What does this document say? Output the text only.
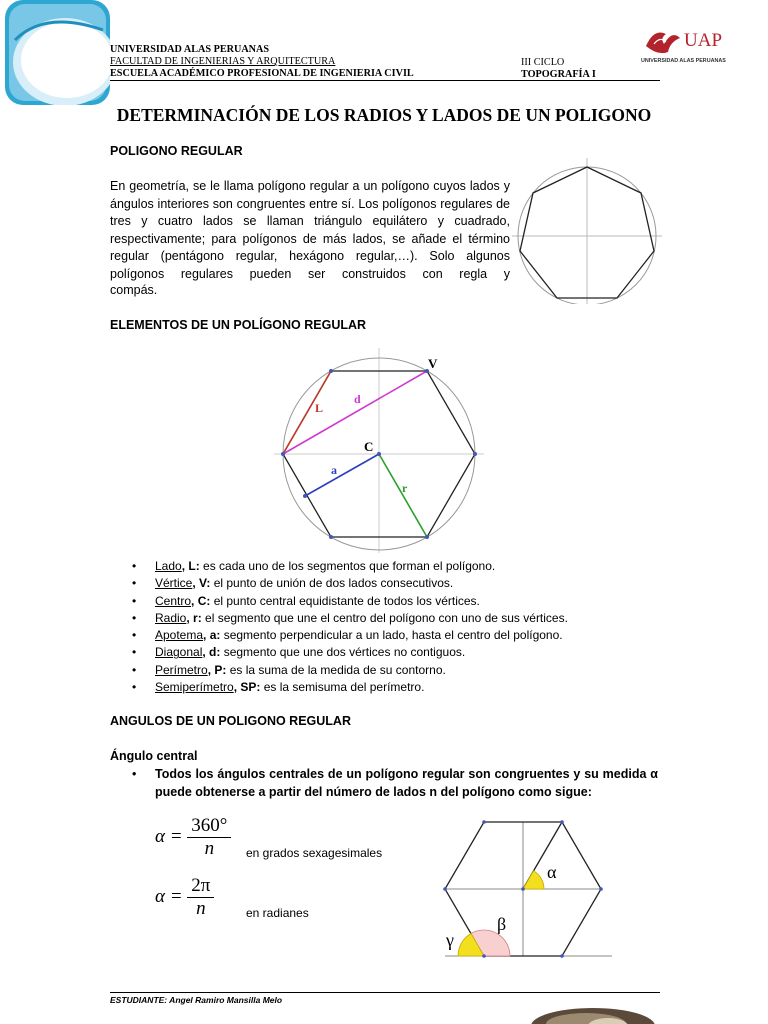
UNIVERSIDAD ALAS PERUANAS
FACULTAD DE INGENIERIAS Y ARQUITECTURA
ESCUELA ACADÉMICO PROFESIONAL DE INGENIERIA CIVIL
III CICLO
TOPOGRAFÍA I
UAP
UNIVERSIDAD ALAS PERUANAS
DETERMINACIÓN DE LOS RADIOS Y LADOS DE UN POLIGONO
POLIGONO REGULAR
En geometría, se le llama polígono regular a un polígono cuyos lados y ángulos interiores son congruentes entre sí. Los polígonos regulares de tres y cuatro lados se llaman triángulo equilátero y cuadrado, respectivamente; para polígonos de más lados, se añade el término regular (pentágono regular, hexágono regular,…). Solo algunos polígonos regulares pueden ser construidos con regla y
compás.
ELEMENTOS DE UN POLÍGONO REGULAR
L
d
V
C
a
r
• Lado, L: es cada uno de los segmentos que forman el polígono.
• Vértice, V: el punto de unión de dos lados consecutivos.
• Centro, C: el punto central equidistante de todos los vértices.
• Radio, r: el segmento que une el centro del polígono con uno de sus vértices.
• Apotema, a: segmento perpendicular a un lado, hasta el centro del polígono.
• Diagonal, d: segmento que une dos vértices no contiguos.
• Perímetro, P: es la suma de la medida de su contorno.
• Semiperímetro, SP: es la semisuma del perímetro.
ANGULOS DE UN POLIGONO REGULAR
Ángulo central
•	Todos los ángulos centrales de un polígono regular son congruentes y su medida α puede obtenerse a partir del número de lados n del polígono como sigue:
$\alpha = \frac{360^\circ}{n}$ en grados sexagesimales
$\alpha = \frac{2\pi}{n}$	en radianes
α
β
γ
ESTUDIANTE: Angel Ramiro Mansilla Melo
